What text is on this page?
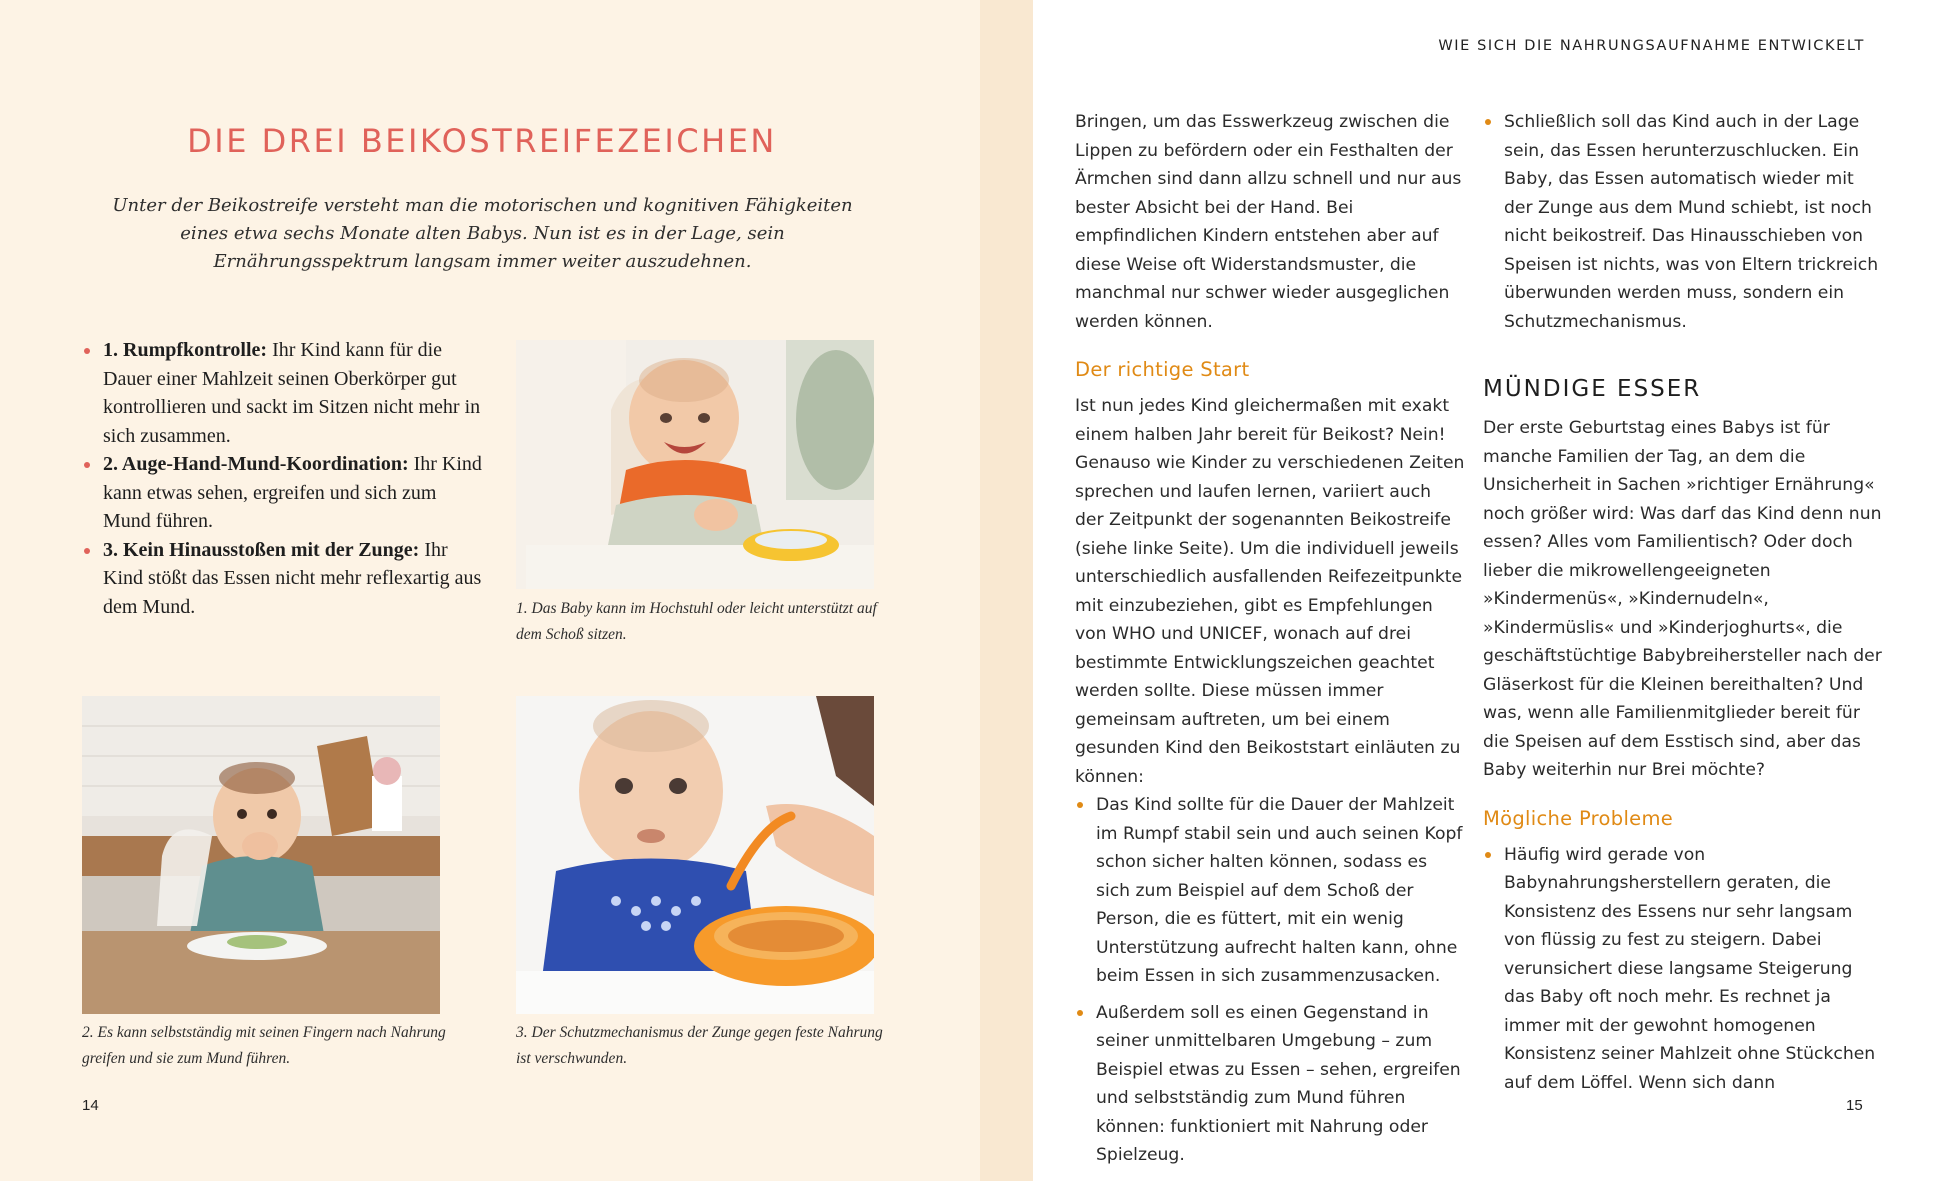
DIE DREI BEIKOSTREIFEZEICHEN

Unter der Beikostreife versteht man die motorischen und kognitiven Fähigkeiten eines etwa sechs Monate alten Babys. Nun ist es in der Lage, sein Ernährungsspektrum langsam immer weiter auszudehnen.

1. Rumpfkontrolle: Ihr Kind kann für die Dauer einer Mahlzeit seinen Oberkörper gut kontrollieren und sackt im Sitzen nicht mehr in sich zusammen.
2. Auge-Hand-Mund-Koordination: Ihr Kind kann etwas sehen, ergreifen und sich zum Mund führen.
3. Kein Hinausstoßen mit der Zunge: Ihr Kind stößt das Essen nicht mehr reflexartig aus dem Mund.	1. Das Baby kann im Hochstuhl oder leicht unterstützt auf dem Schoß sitzen.

2. Es kann selbstständig mit seinen Fingern nach Nahrung greifen und sie zum Mund führen.

3. Der Schutzmechanismus der Zunge gegen feste Nahrung ist verschwunden.

14
WIE SICH DIE NAHRUNGSAUFNAHME ENTWICKELT

Bringen, um das Esswerkzeug zwischen die Lippen zu befördern oder ein Festhalten der Ärmchen sind dann allzu schnell und nur aus bester Absicht bei der Hand. Bei empfindlichen Kindern entstehen aber auf diese Weise oft Widerstandsmuster, die manchmal nur schwer wieder ausgeglichen werden können.

Der richtige Start

Ist nun jedes Kind gleichermaßen mit exakt einem halben Jahr bereit für Beikost? Nein! Genauso wie Kinder zu verschiedenen Zeiten sprechen und laufen lernen, variiert auch der Zeitpunkt der sogenannten Beikostreife (siehe linke Seite). Um die individuell jeweils unterschiedlich ausfallenden Reifezeitpunkte mit einzubeziehen, gibt es Empfehlungen von WHO und UNICEF, wonach auf drei bestimmte Entwicklungszeichen geachtet werden sollte. Diese müssen immer gemeinsam auftreten, um bei einem gesunden Kind den Beikoststart einläuten zu können:

Das Kind sollte für die Dauer der Mahlzeit im Rumpf stabil sein und auch seinen Kopf schon sicher halten können, sodass es sich zum Beispiel auf dem Schoß der Person, die es füttert, mit ein wenig Unterstützung aufrecht halten kann, ohne beim Essen in sich zusammenzusacken.
Außerdem soll es einen Gegenstand in seiner unmittelbaren Umgebung – zum Beispiel etwas zu Essen – sehen, ergreifen und selbstständig zum Mund führen können: funktioniert mit Nahrung oder Spielzeug.
Schließlich soll das Kind auch in der Lage sein, das Essen herunterzuschlucken. Ein Baby, das Essen automatisch wieder mit der Zunge aus dem Mund schiebt, ist noch nicht beikostreif. Das Hinausschieben von Speisen ist nichts, was von Eltern trickreich überwunden werden muss, sondern ein Schutzmechanismus.
MÜNDIGE ESSER

Der erste Geburtstag eines Babys ist für manche Familien der Tag, an dem die Unsicherheit in Sachen »richtiger Ernährung« noch größer wird: Was darf das Kind denn nun essen? Alles vom Familientisch? Oder doch lieber die mikrowellengeeigneten »Kindermenüs«, »Kindernudeln«, »Kindermüslis« und »Kinderjoghurts«, die geschäftstüchtige Babybreihersteller nach der Gläserkost für die Kleinen bereithalten? Und was, wenn alle Familienmitglieder bereit für die Speisen auf dem Esstisch sind, aber das Baby weiterhin nur Brei möchte?

Mögliche Probleme
Häufig wird gerade von Babynahrungsherstellern geraten, die Konsistenz des Essens nur sehr langsam von flüssig zu fest zu steigern. Dabei verunsichert diese langsame Steigerung das Baby oft noch mehr. Es rechnet ja immer mit der gewohnt homogenen Konsistenz seiner Mahlzeit ohne Stückchen auf dem Löffel. Wenn sich dann
15
